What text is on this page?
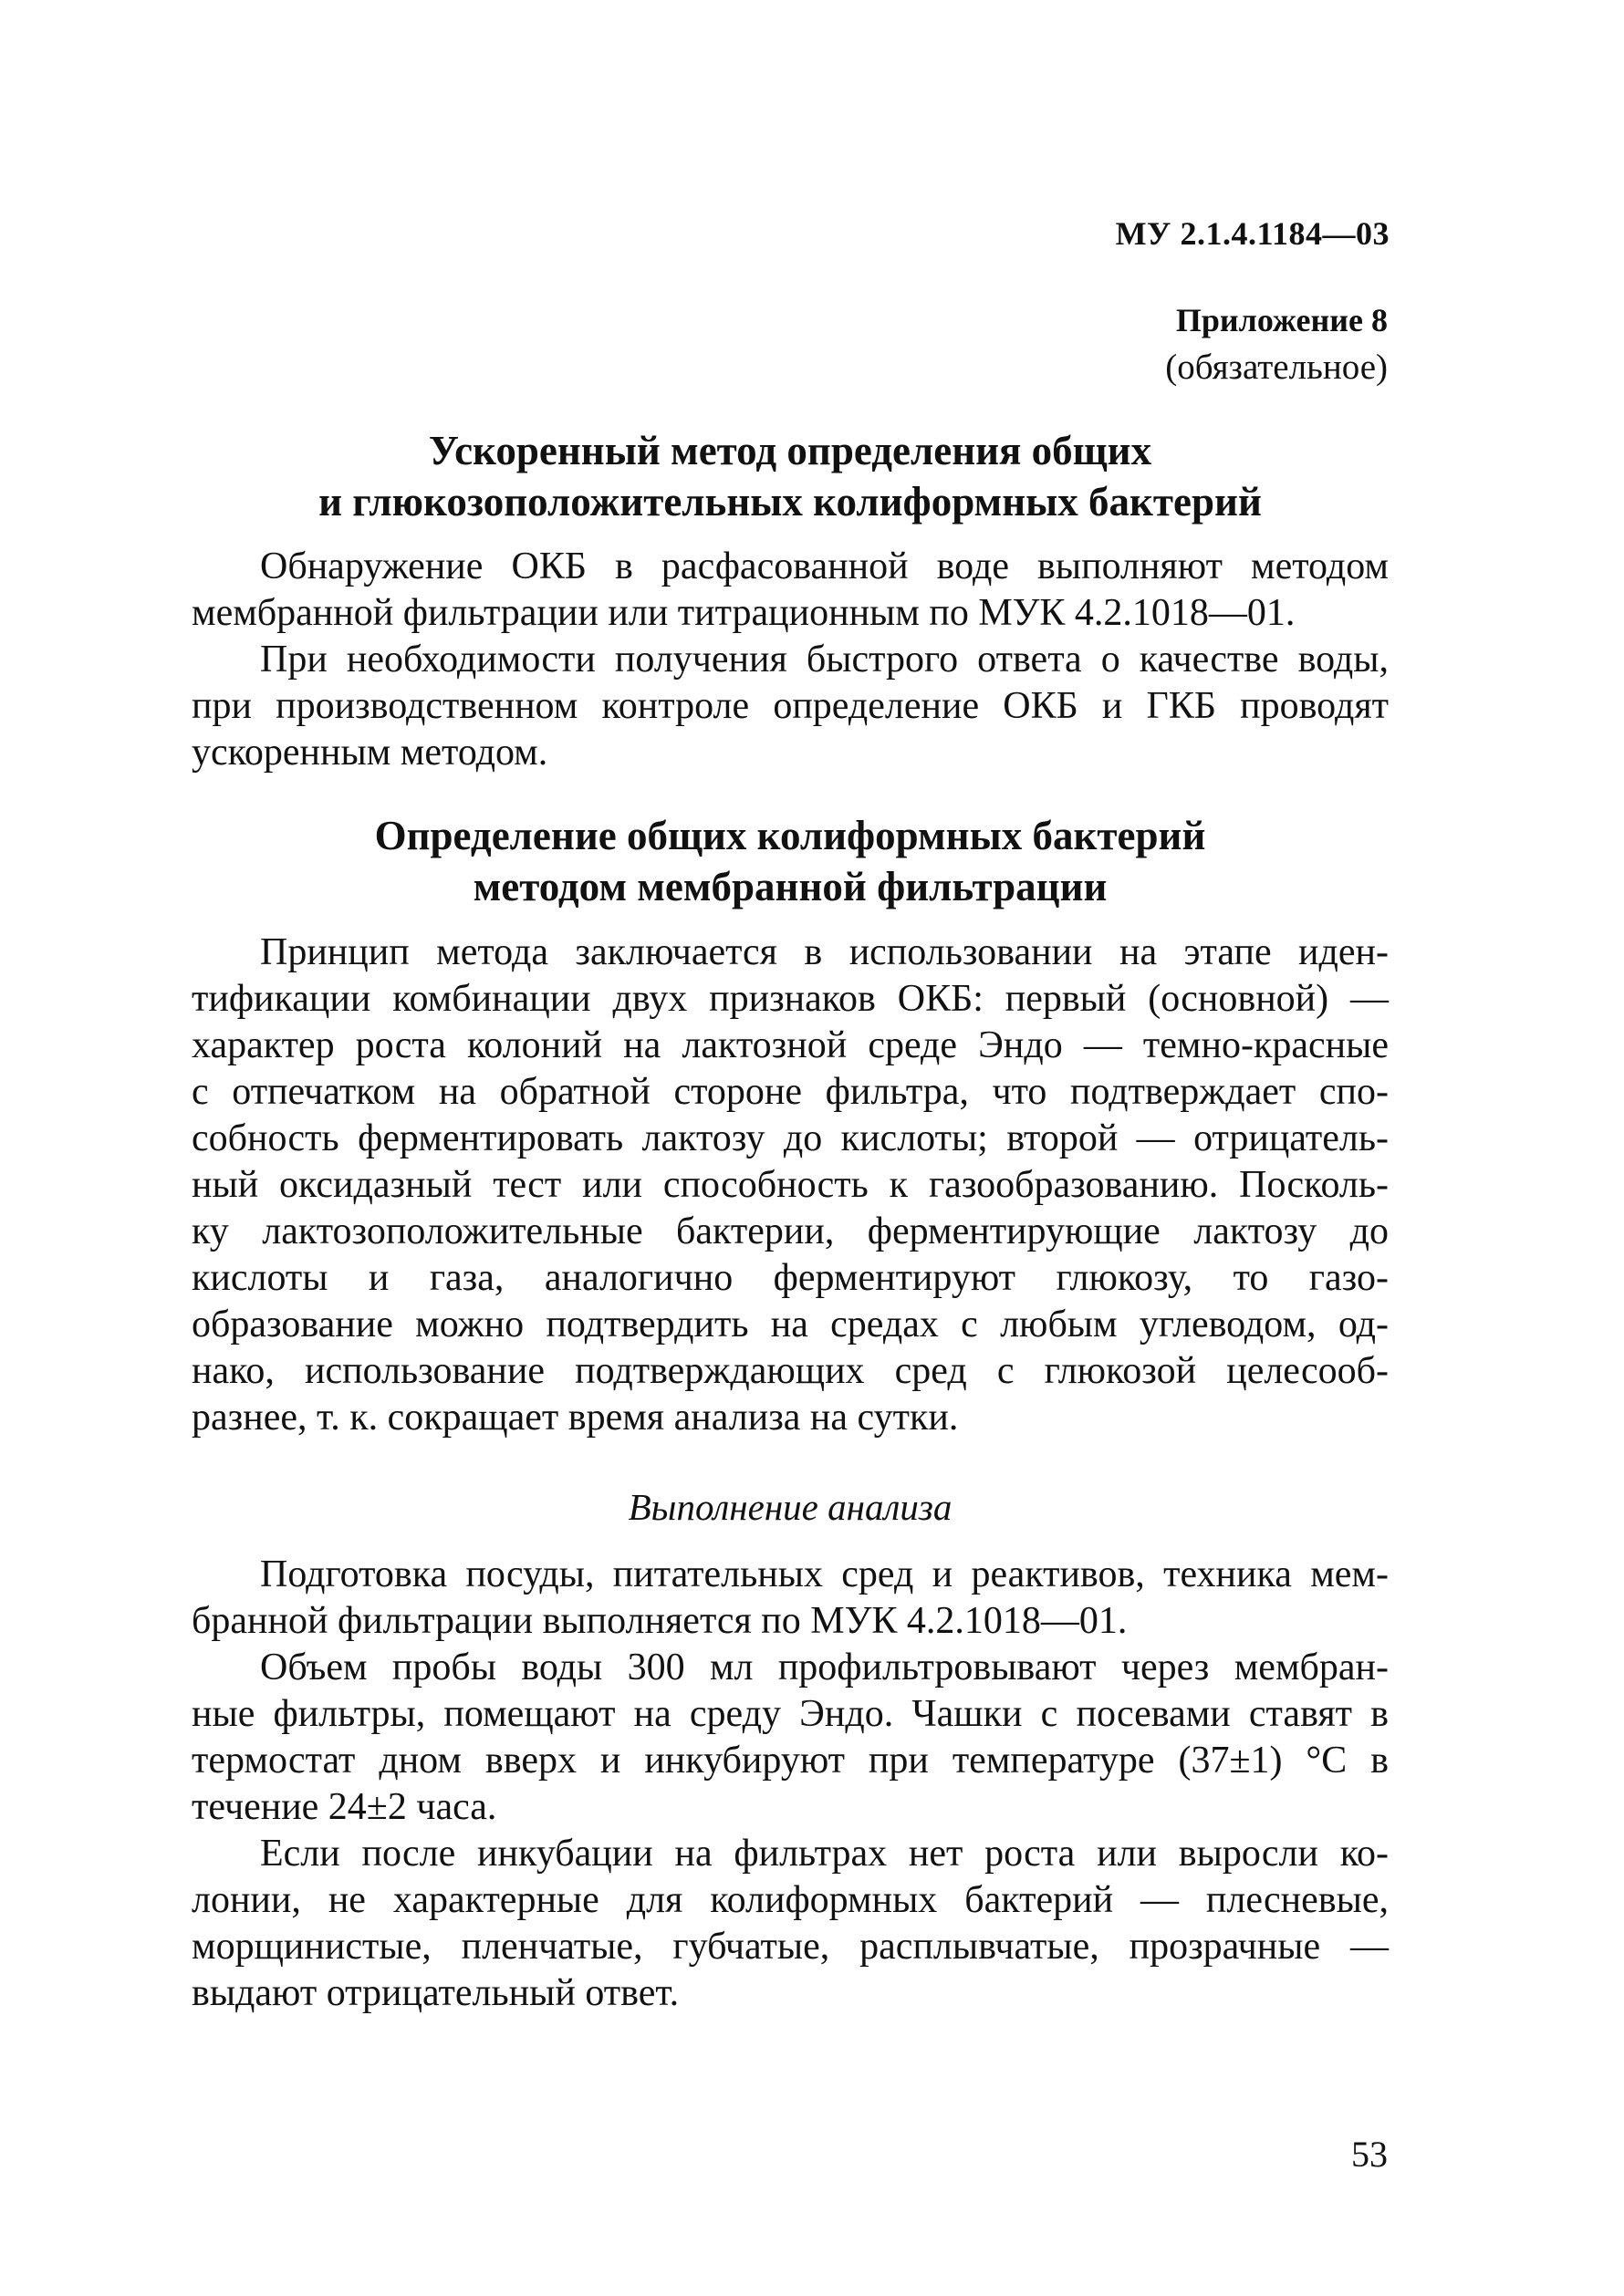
МУ 2.1.4.1184—03
Приложение 8
(обязательное)
Ускоренный метод определения общих
и глюкозоположительных колиформных бактерий
Определение общих колиформных бактерий
методом мембранной фильтрации
Выполнение анализа
53
Обнаружение ОКБ в расфасованной воде выполняют методом
мембранной фильтрации или титрационным по МУК 4.2.1018—01.
При необходимости получения быстрого ответа о качестве воды,
при производственном контроле определение ОКБ и ГКБ проводят
ускоренным методом.
Принцип метода заключается в использовании на этапе иден-
тификации комбинации двух признаков ОКБ: первый (основной) —
характер роста колоний на лактозной среде Эндо — темно-красные
с отпечатком на обратной стороне фильтра, что подтверждает спо-
собность ферментировать лактозу до кислоты; второй — отрицатель-
ный оксидазный тест или способность к газообразованию. Посколь-
ку лактозоположительные бактерии, ферментирующие лактозу до
кислоты и газа, аналогично ферментируют глюкозу, то газо-
образование можно подтвердить на средах с любым углеводом, од-
нако, использование подтверждающих сред с глюкозой целесооб-
разнее, т. к. сокращает время анализа на сутки.
Подготовка посуды, питательных сред и реактивов, техника мем-
бранной фильтрации выполняется по МУК 4.2.1018—01.
Объем пробы воды 300 мл профильтровывают через мембран-
ные фильтры, помещают на среду Эндо. Чашки с посевами ставят в
термостат дном вверх и инкубируют при температуре (37±1) °С в
течение 24±2 часа.
Если после инкубации на фильтрах нет роста или выросли ко-
лонии, не характерные для колиформных бактерий — плесневые,
морщинистые, пленчатые, губчатые, расплывчатые, прозрачные —
выдают отрицательный ответ.
